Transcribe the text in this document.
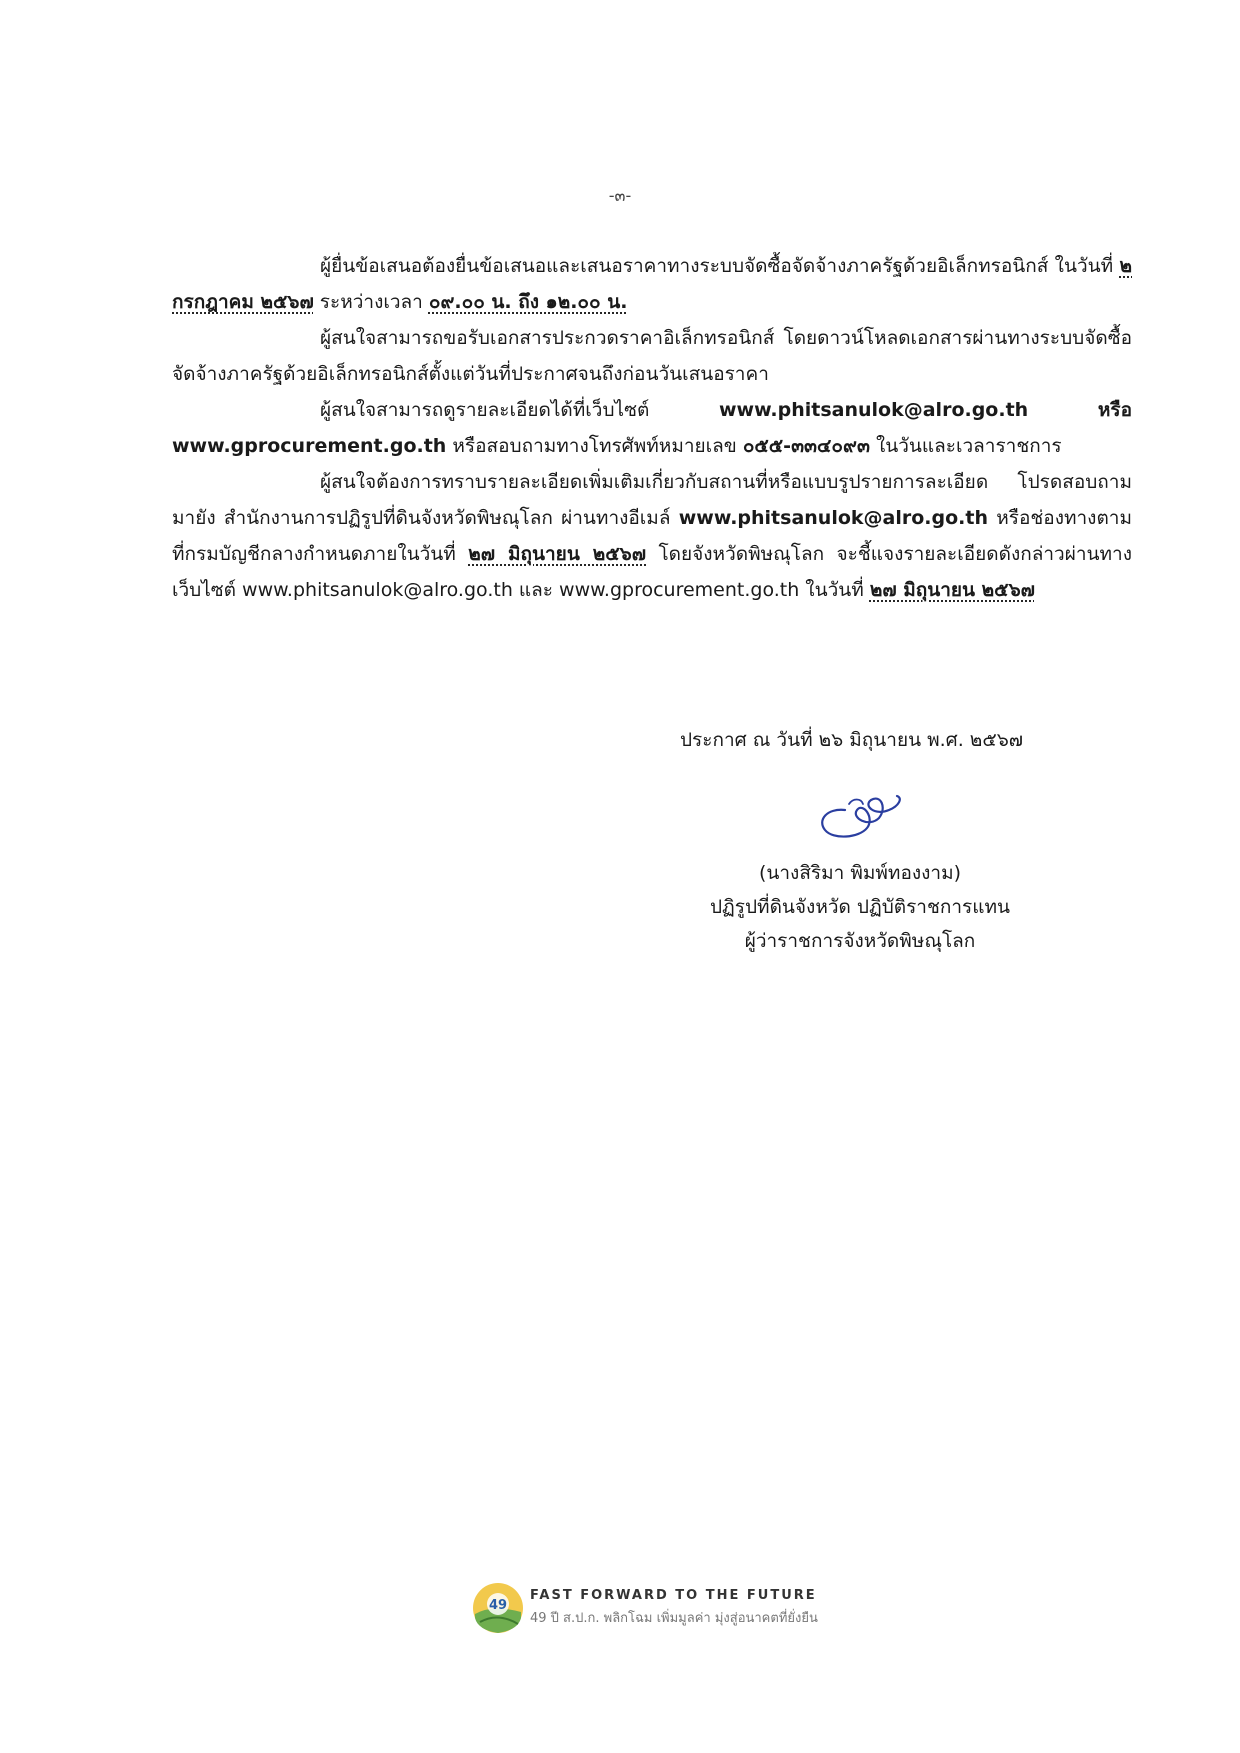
-๓-

ผู้ยื่นข้อเสนอต้องยื่นข้อเสนอและเสนอราคาทางระบบจัดซื้อจัดจ้างภาครัฐด้วยอิเล็กทรอนิกส์ ในวันที่ ๒ กรกฎาคม ๒๕๖๗ ระหว่างเวลา ๐๙.๐๐ น. ถึง ๑๒.๐๐ น.

ผู้สนใจสามารถขอรับเอกสารประกวดราคาอิเล็กทรอนิกส์ โดยดาวน์โหลดเอกสารผ่านทางระบบจัดซื้อจัดจ้างภาครัฐด้วยอิเล็กทรอนิกส์ตั้งแต่วันที่ประกาศจนถึงก่อนวันเสนอราคา

ผู้สนใจสามารถดูรายละเอียดได้ที่เว็บไซต์	www.phitsanulok@alro.go.th	หรือ www.gprocurement.go.th หรือสอบถามทางโทรศัพท์หมายเลข ๐๕๕-๓๓๔๐๙๓ ในวันและเวลาราชการ

ผู้สนใจต้องการทราบรายละเอียดเพิ่มเติมเกี่ยวกับสถานที่หรือแบบรูปรายการละเอียด โปรดสอบถามมายัง สำนักงานการปฏิรูปที่ดินจังหวัดพิษณุโลก ผ่านทางอีเมล์ www.phitsanulok@alro.go.th หรือช่องทางตามที่กรมบัญชีกลางกำหนดภายในวันที่ ๒๗ มิถุนายน ๒๕๖๗ โดยจังหวัดพิษณุโลก จะชี้แจงรายละเอียดดังกล่าวผ่านทางเว็บไซต์ www.phitsanulok@alro.go.th และ www.gprocurement.go.th ในวันที่ ๒๗ มิถุนายน ๒๕๖๗

ประกาศ ณ วันที่ ๒๖ มิถุนายน พ.ศ. ๒๕๖๗
(นางสิริมา พิมพ์ทองงาม)
ปฏิรูปที่ดินจังหวัด ปฏิบัติราชการแทน
ผู้ว่าราชการจังหวัดพิษณุโลก
49
FAST FORWARD TO THE FUTURE
49 ปี ส.ป.ก. พลิกโฉม เพิ่มมูลค่า มุ่งสู่อนาคตที่ยั่งยืน
